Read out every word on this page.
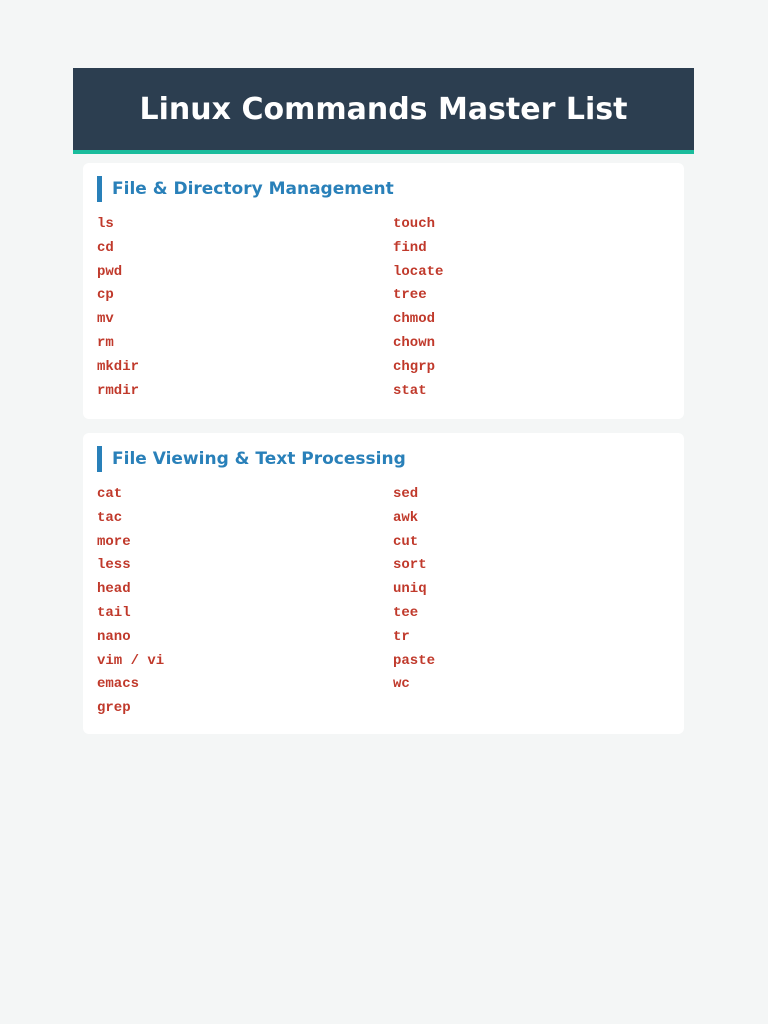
Linux Commands Master List
File & Directory Management
ls
cd
pwd
cp
mv
rm
mkdir
rmdir
touch
find
locate
tree
chmod
chown
chgrp
stat
File Viewing & Text Processing
cat
tac
more
less
head
tail
nano
vim / vi
emacs
grep
sed
awk
cut
sort
uniq
tee
tr
paste
wc
